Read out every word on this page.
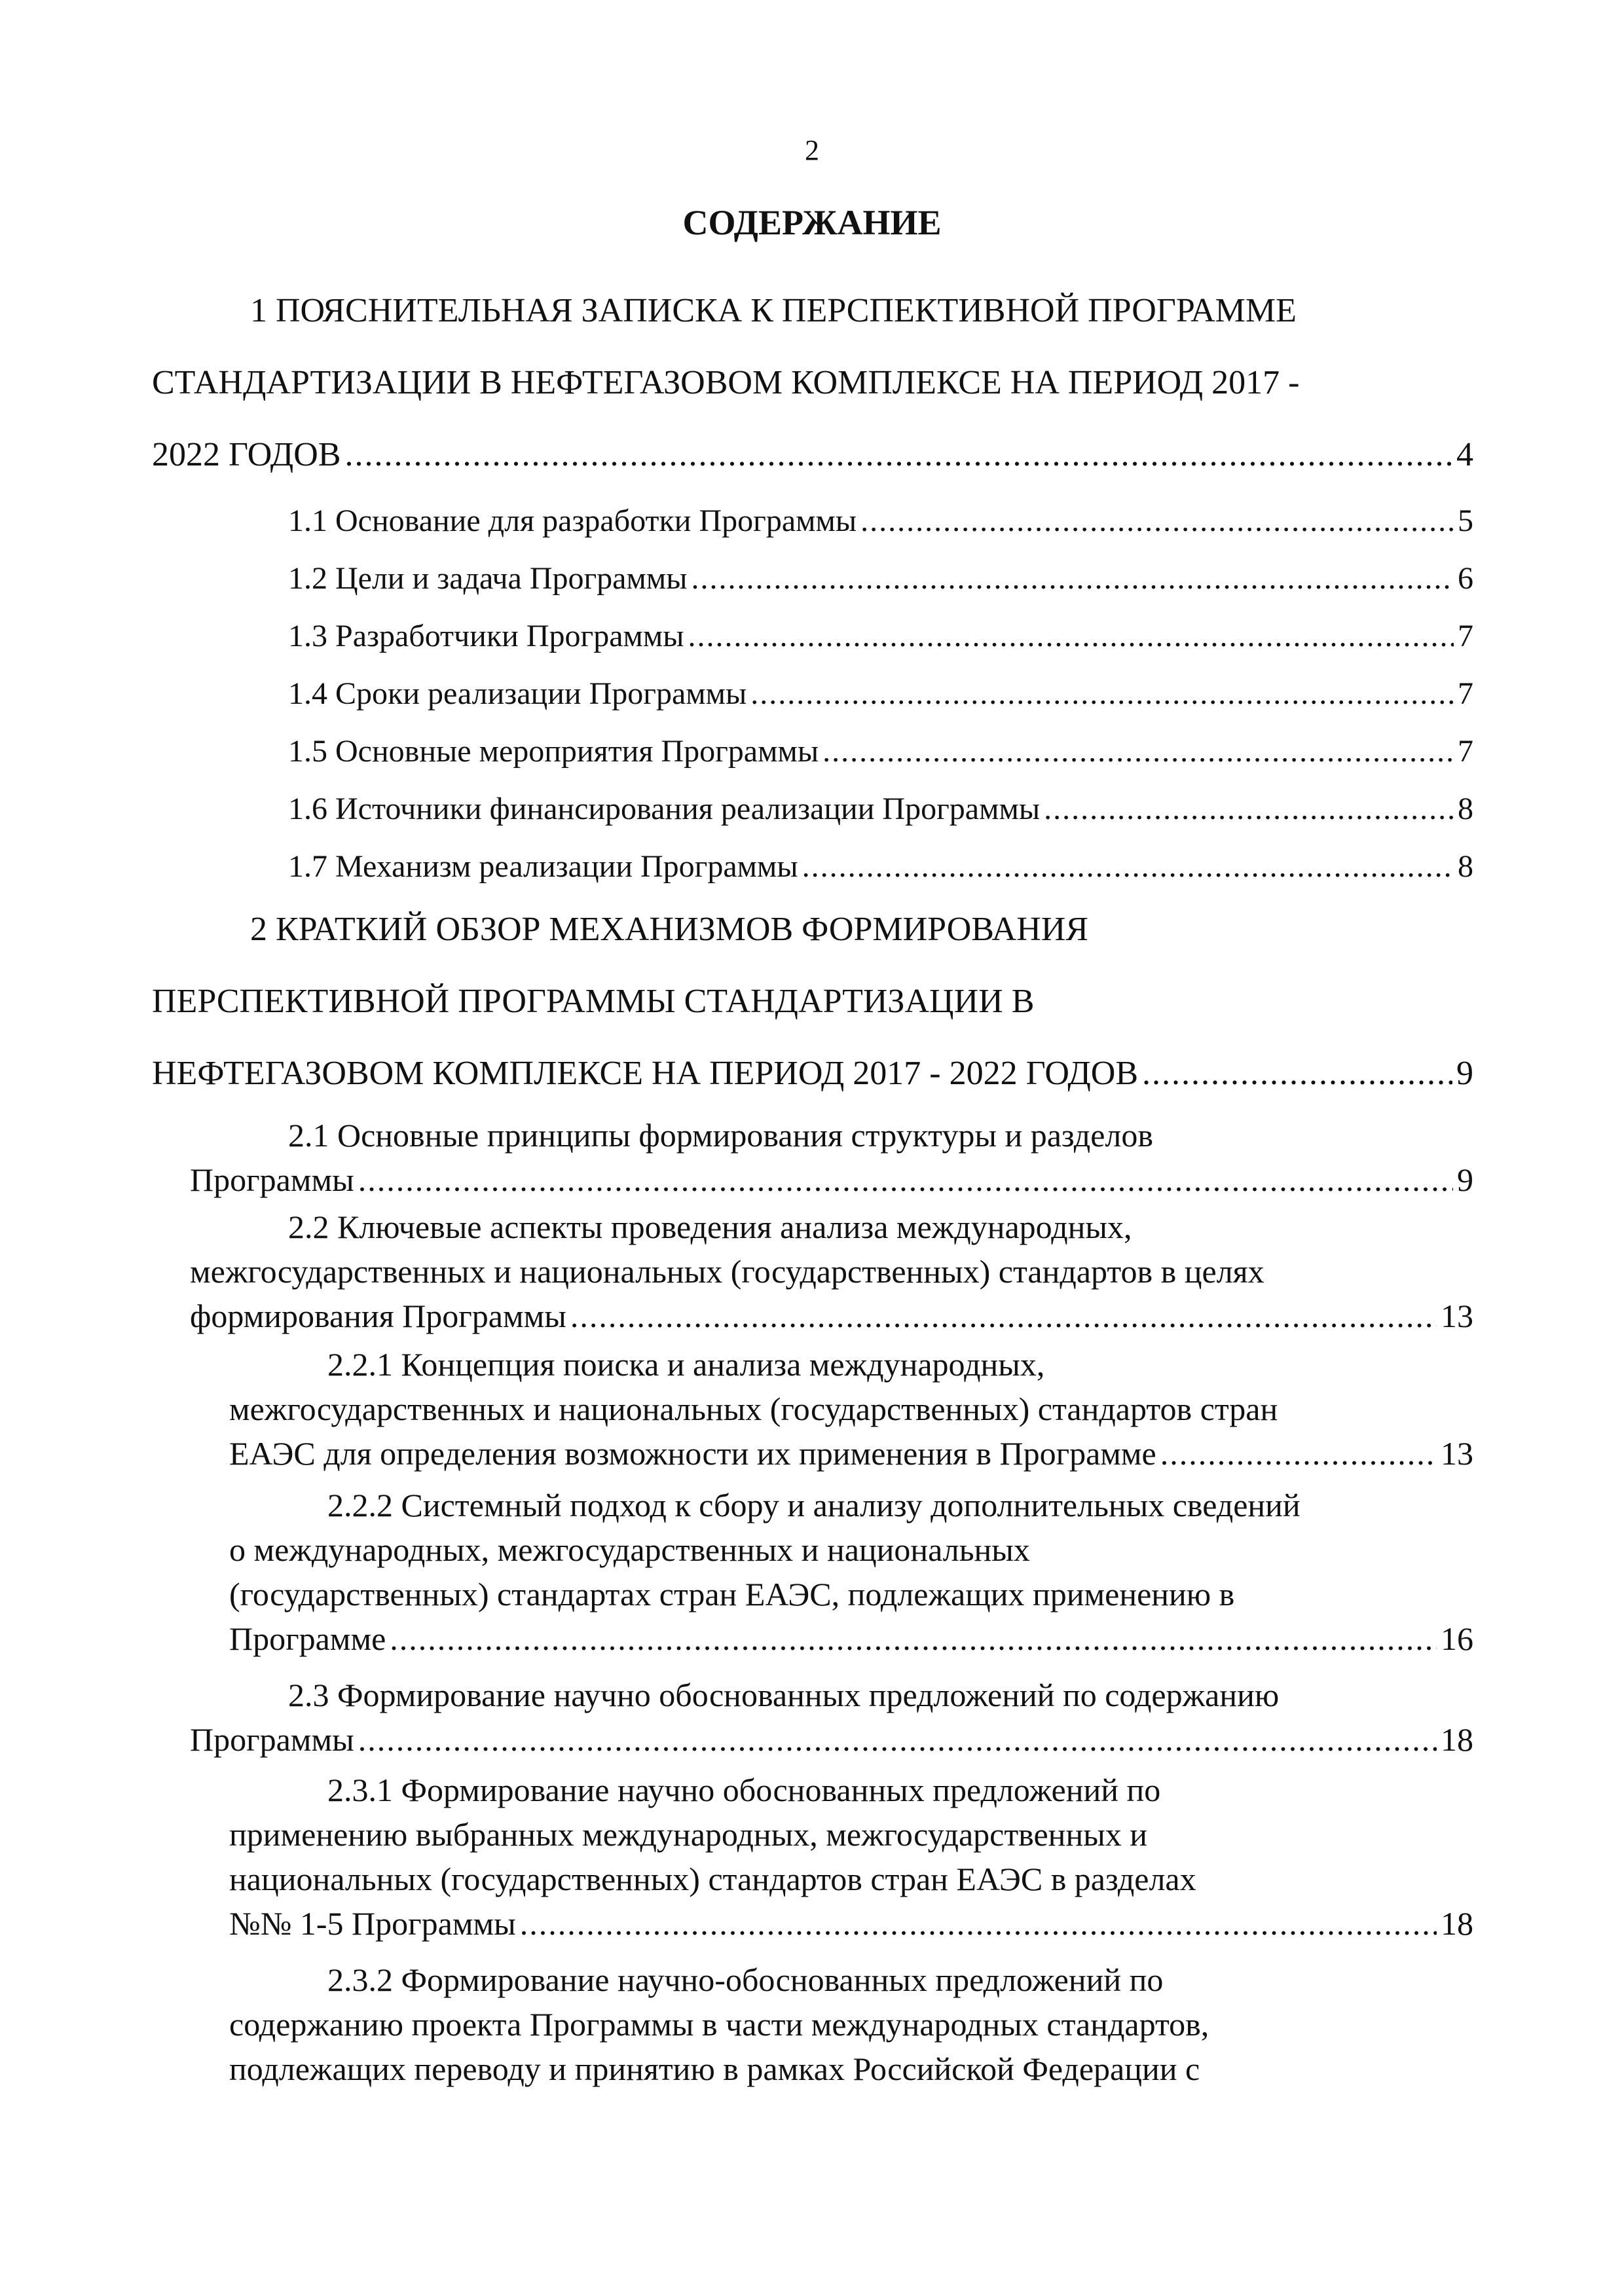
2
СОДЕРЖАНИЕ
1 ПОЯСНИТЕЛЬНАЯ ЗАПИСКА К ПЕРСПЕКТИВНОЙ ПРОГРАММЕ
СТАНДАРТИЗАЦИИ В НЕФТЕГАЗОВОМ КОМПЛЕКСЕ НА ПЕРИОД 2017 -
2022 ГОДОВ .....	4
1.1 Основание для разработки Программы .....	5
1.2 Цели и задача Программы .....	6
1.3 Разработчики Программы .....	7
1.4 Сроки реализации Программы .....	7
1.5 Основные мероприятия Программы .....	7
1.6 Источники финансирования реализации Программы .....	8
1.7 Механизм реализации Программы .....	8
2 КРАТКИЙ ОБЗОР МЕХАНИЗМОВ ФОРМИРОВАНИЯ
ПЕРСПЕКТИВНОЙ ПРОГРАММЫ СТАНДАРТИЗАЦИИ В
НЕФТЕГАЗОВОМ КОМПЛЕКСЕ НА ПЕРИОД 2017 - 2022 ГОДОВ .....	9
2.1 Основные принципы формирования структуры и разделов
Программы .....	9
2.2 Ключевые аспекты проведения анализа международных,
межгосударственных и национальных (государственных) стандартов в целях
формирования Программы .....	13
2.2.1 Концепция поиска и анализа международных,
межгосударственных и национальных (государственных) стандартов стран
ЕАЭС для определения возможности их применения в Программе .....	13
2.2.2 Системный подход к сбору и анализу дополнительных сведений
о международных, межгосударственных и национальных
(государственных) стандартах стран ЕАЭС, подлежащих применению в
Программе .....	16
2.3 Формирование научно обоснованных предложений по содержанию
Программы .....	18
2.3.1 Формирование научно обоснованных предложений по
применению выбранных международных, межгосударственных и
национальных (государственных) стандартов стран ЕАЭС в разделах
№№ 1-5 Программы .....	18
2.3.2 Формирование научно-обоснованных предложений по
содержанию проекта Программы в части международных стандартов,
подлежащих переводу и принятию в рамках Российской Федерации с
